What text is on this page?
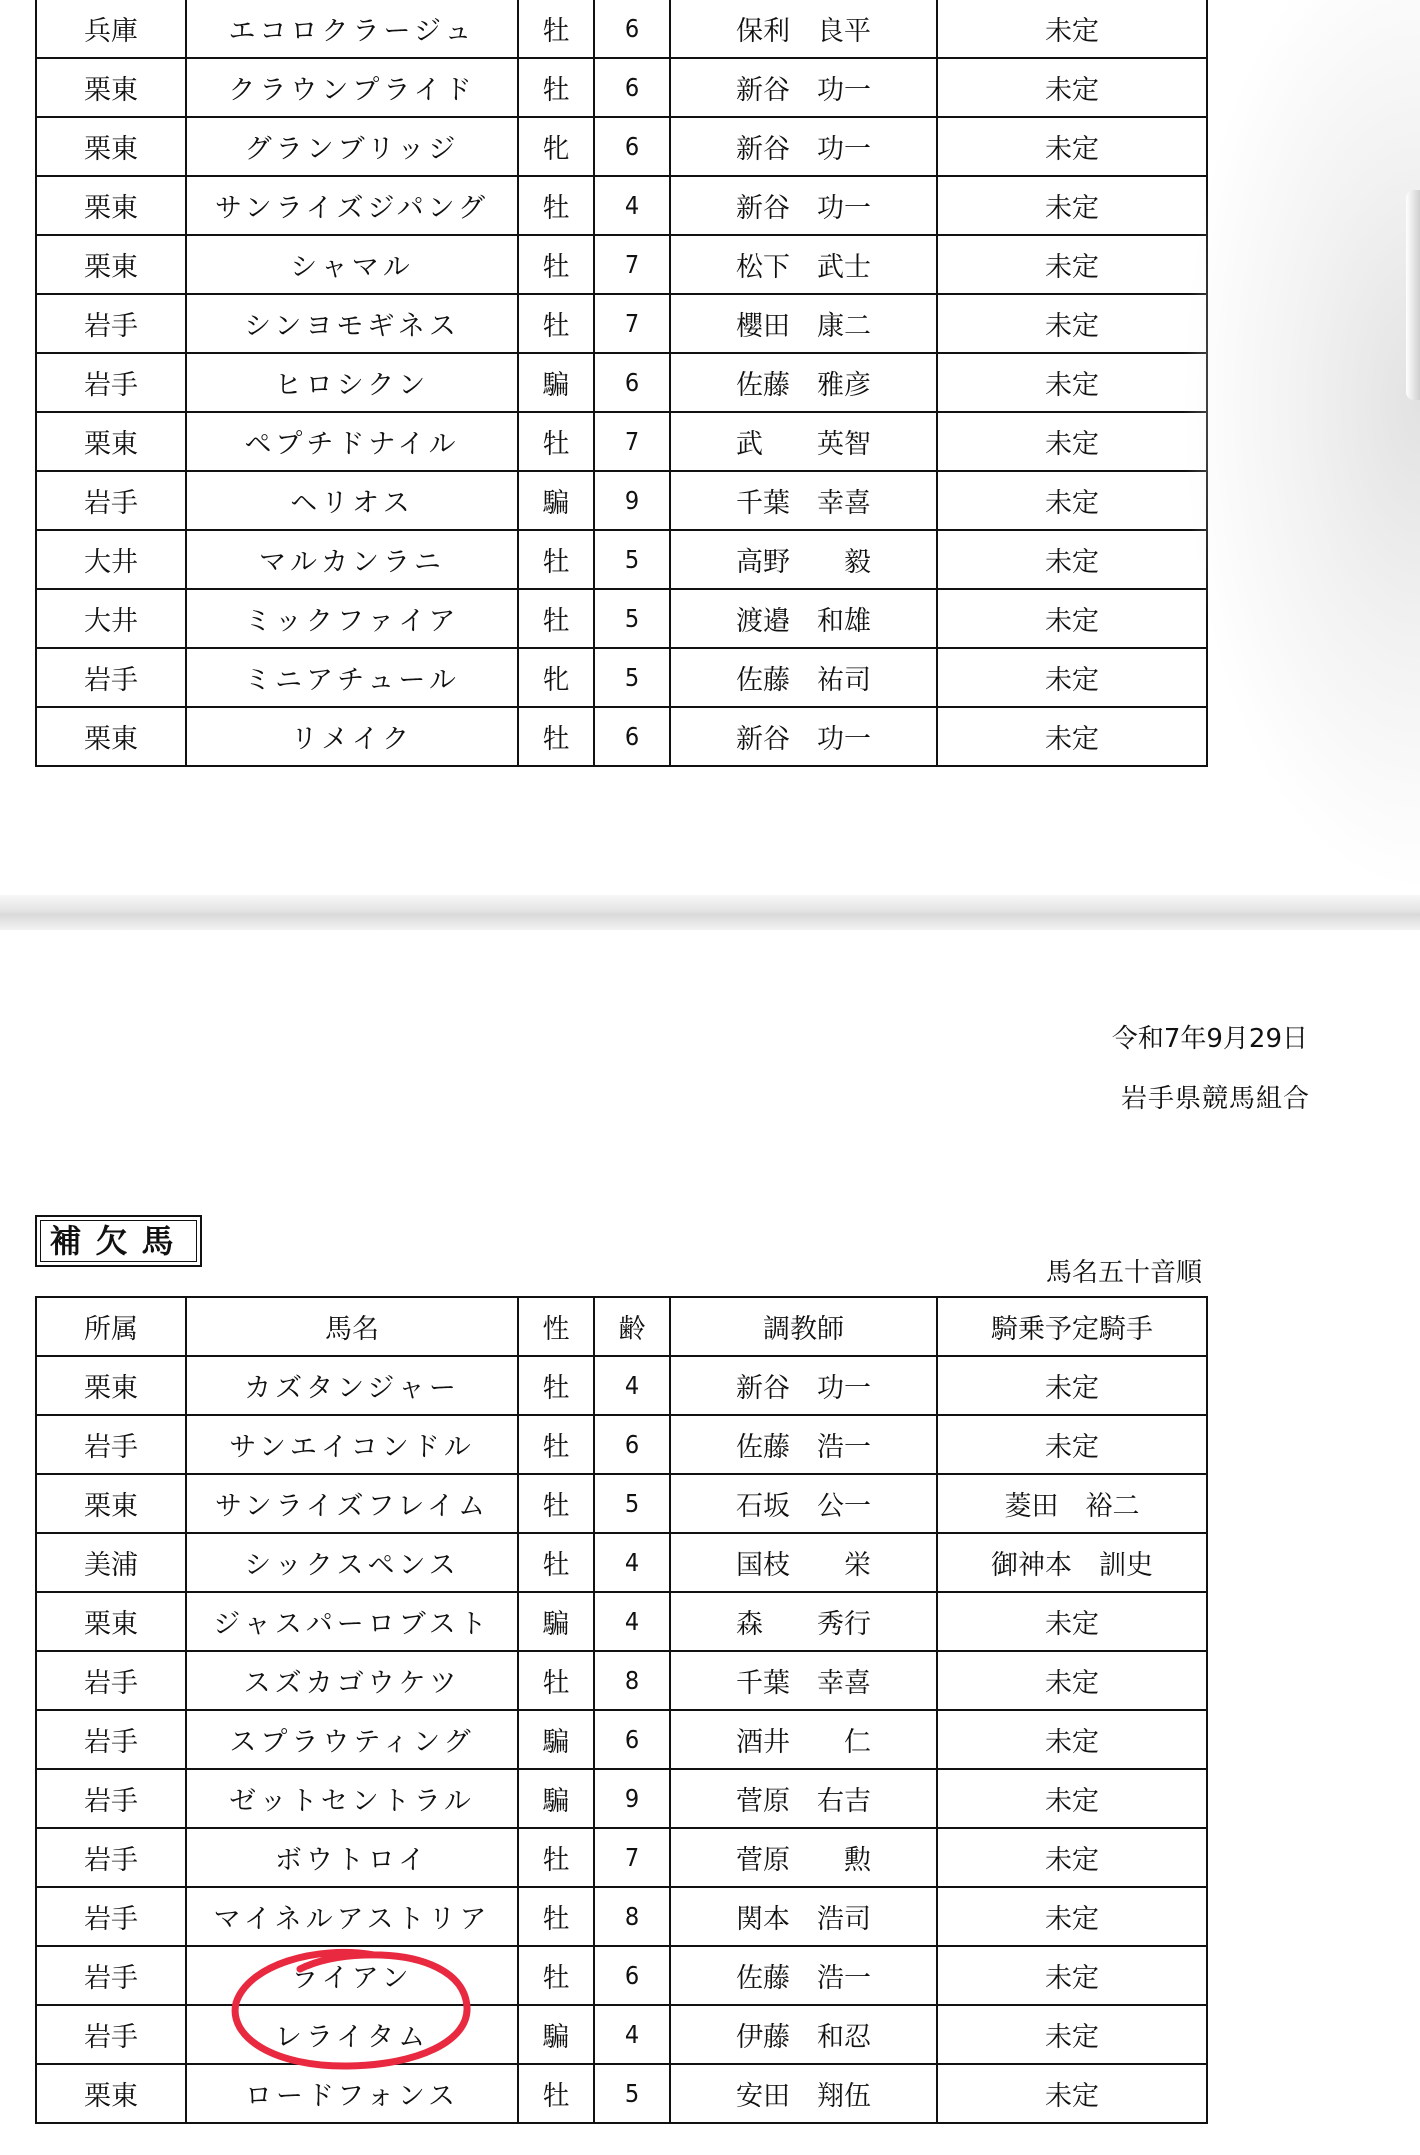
兵庫	エコロクラージュ	牡	6	保利　良平	未定
栗東	クラウンプライド	牡	6	新谷　功一	未定
栗東	グランブリッジ	牝	6	新谷　功一	未定
栗東	サンライズジパング	牡	4	新谷　功一	未定
栗東	シャマル	牡	7	松下　武士	未定
岩手	シンヨモギネス	牡	7	櫻田　康二	未定
岩手	ヒロシクン	騙	6	佐藤　雅彦	未定
栗東	ペプチドナイル	牡	7	武　　英智	未定
岩手	ヘリオス	騙	9	千葉　幸喜	未定
大井	マルカンラニ	牡	5	高野　　毅	未定
大井	ミックファイア	牡	5	渡邉　和雄	未定
岩手	ミニアチュール	牝	5	佐藤　祐司	未定
栗東	リメイク	牡	6	新谷　功一	未定
令和7年9月29日
岩手県競馬組合
補欠馬
馬名五十音順
所属	馬名	性	齢	調教師	騎乗予定騎手
栗東	カズタンジャー	牡	4	新谷　功一	未定
岩手	サンエイコンドル	牡	6	佐藤　浩一	未定
栗東	サンライズフレイム	牡	5	石坂　公一	菱田　裕二
美浦	シックスペンス	牡	4	国枝　　栄	御神本　訓史
栗東	ジャスパーロブスト	騙	4	森　　秀行	未定
岩手	スズカゴウケツ	牡	8	千葉　幸喜	未定
岩手	スプラウティング	騙	6	酒井　　仁	未定
岩手	ゼットセントラル	騙	9	菅原　右吉	未定
岩手	ボウトロイ	牡	7	菅原　　勲	未定
岩手	マイネルアストリア	牡	8	関本　浩司	未定
岩手	ライアン	牡	6	佐藤　浩一	未定
岩手	レライタム	騙	4	伊藤　和忍	未定
栗東	ロードフォンス	牡	5	安田　翔伍	未定
